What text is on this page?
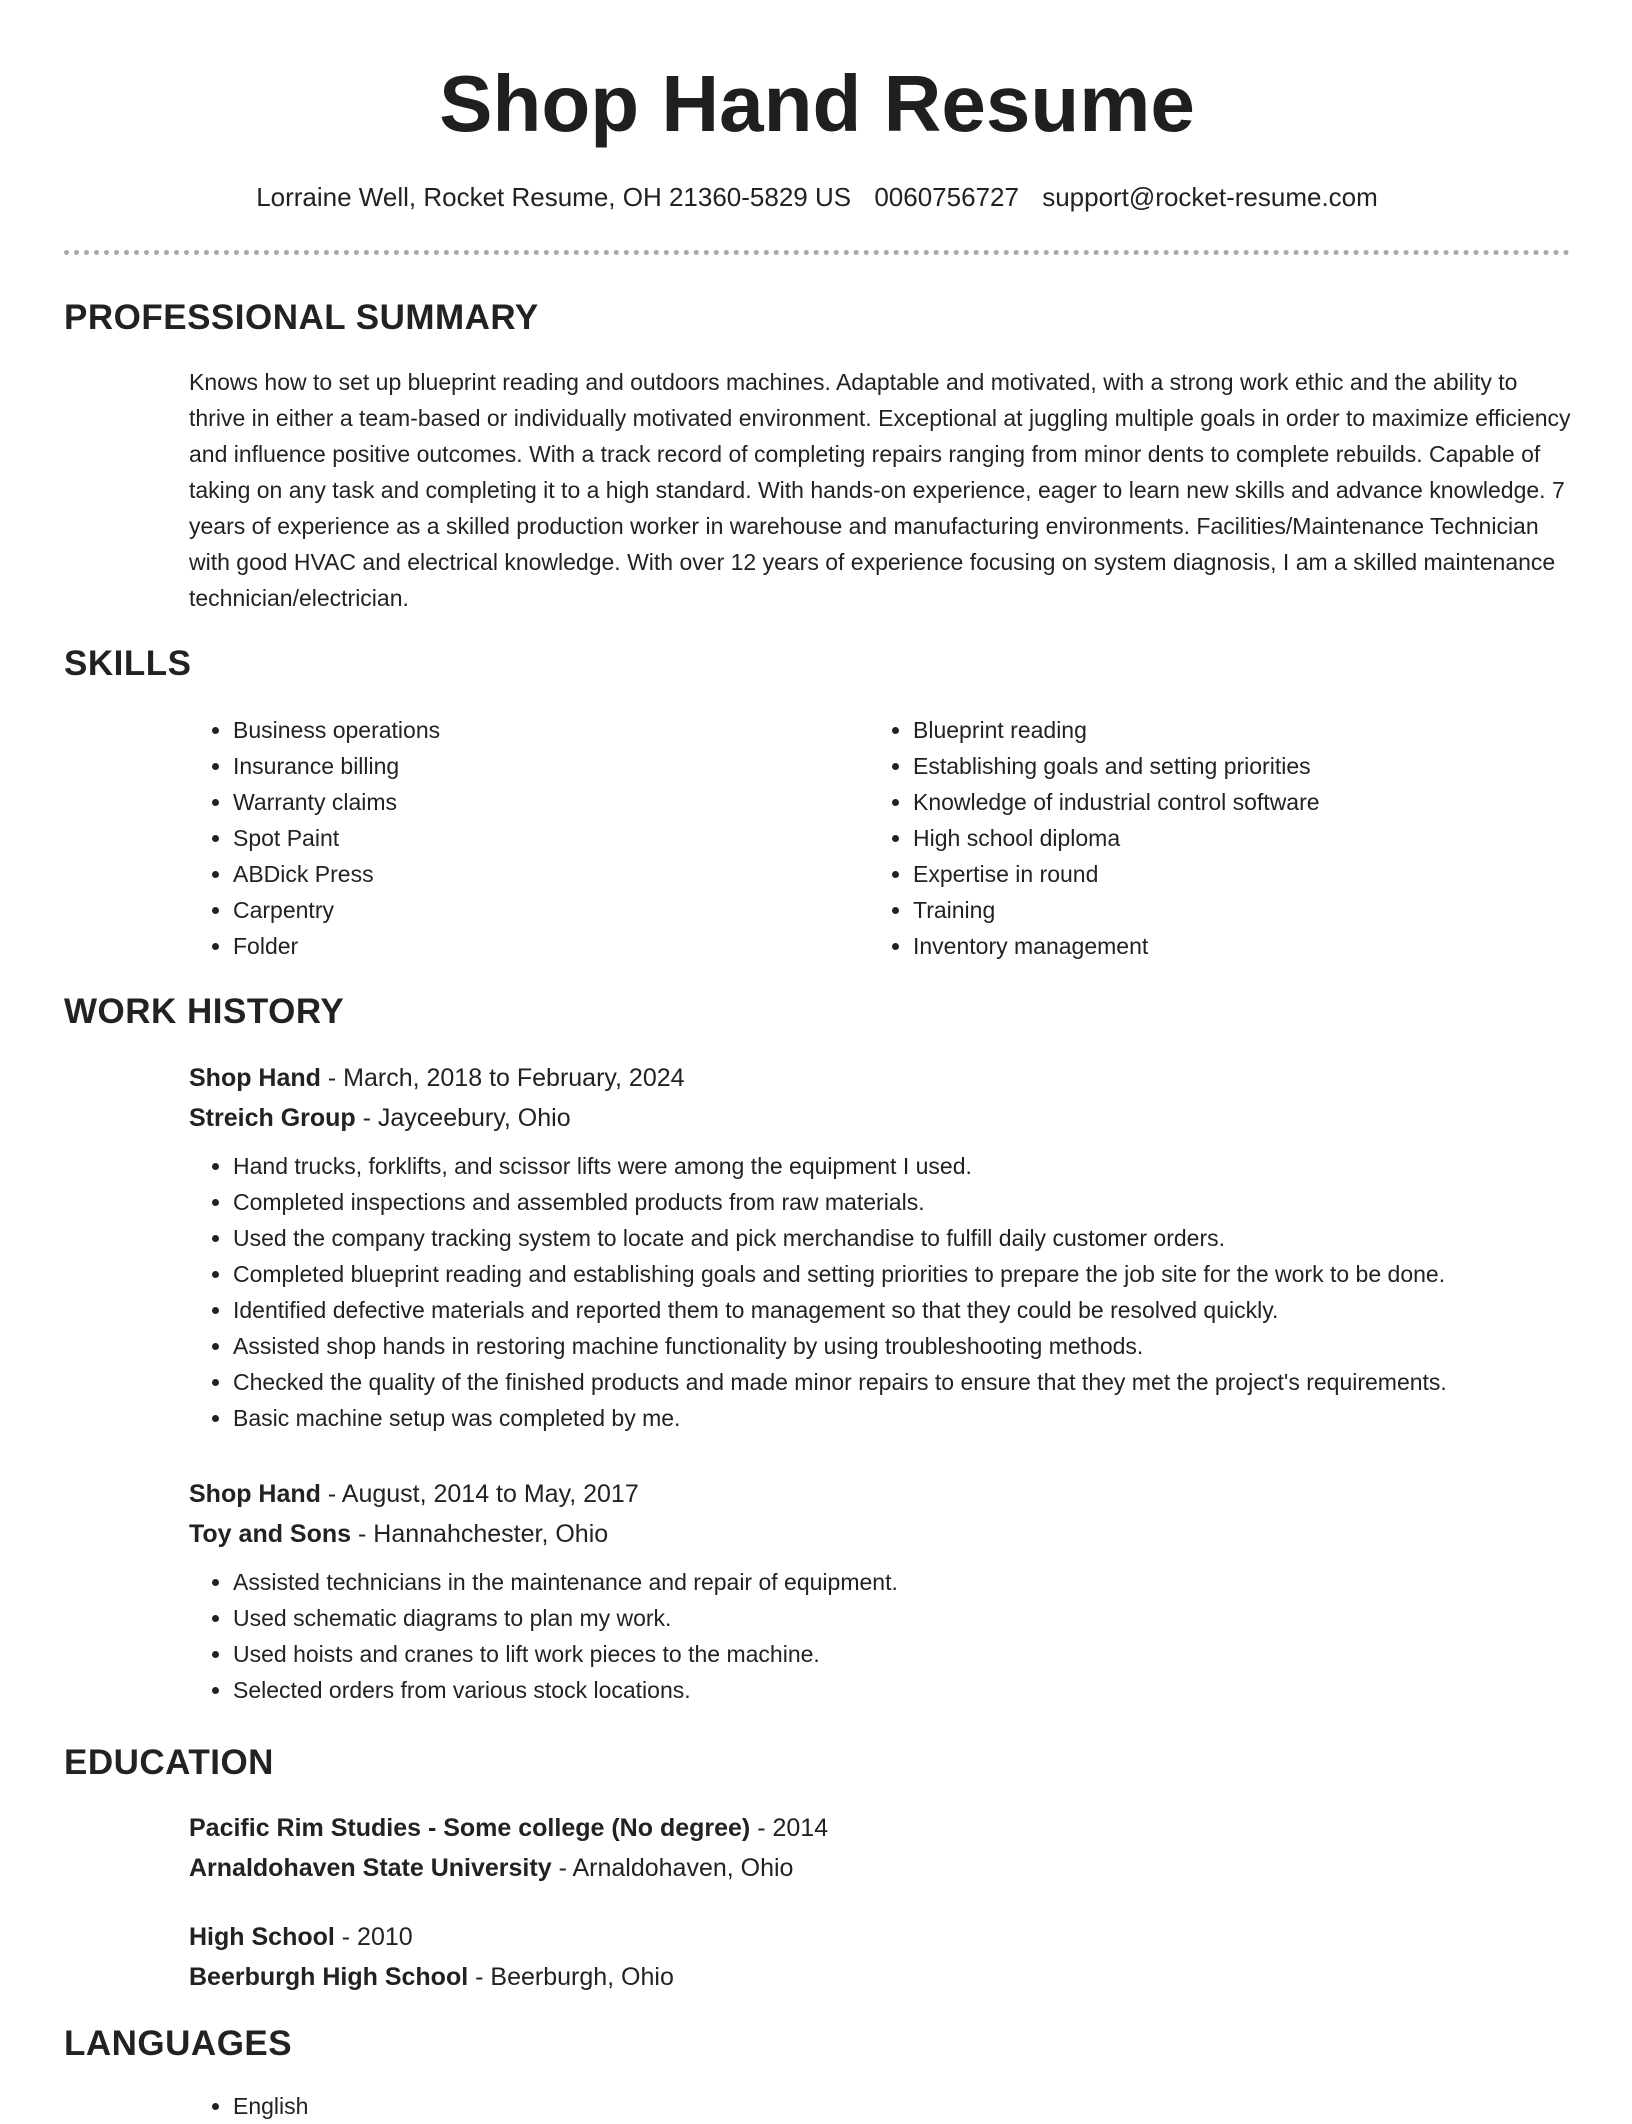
Shop Hand Resume
Lorraine Well, Rocket Resume, OH 21360-5829 US 0060756727 support@rocket-resume.com
PROFESSIONAL SUMMARY

Knows how to set up blueprint reading and outdoors machines. Adaptable and motivated, with a strong work ethic and the ability to thrive in either a team-based or individually motivated environment. Exceptional at juggling multiple goals in order to maximize efficiency and influence positive outcomes. With a track record of completing repairs ranging from minor dents to complete rebuilds. Capable of taking on any task and completing it to a high standard. With hands-on experience, eager to learn new skills and advance knowledge. 7 years of experience as a skilled production worker in warehouse and manufacturing environments. Facilities/Maintenance Technician with good HVAC and electrical knowledge. With over 12 years of experience focusing on system diagnosis, I am a skilled maintenance technician/electrician.

SKILLS
• Business operations
• Insurance billing
• Warranty claims
• Spot Paint
• ABDick Press
• Carpentry
• Folder
• Blueprint reading
• Establishing goals and setting priorities
• Knowledge of industrial control software
• High school diploma
• Expertise in round
• Training
• Inventory management
WORK HISTORY

Shop Hand - March, 2018 to February, 2024

Streich Group - Jayceebury, Ohio

• Hand trucks, forklifts, and scissor lifts were among the equipment I used.
• Completed inspections and assembled products from raw materials.
• Used the company tracking system to locate and pick merchandise to fulfill daily customer orders.
• Completed blueprint reading and establishing goals and setting priorities to prepare the job site for the work to be done.
• Identified defective materials and reported them to management so that they could be resolved quickly.
• Assisted shop hands in restoring machine functionality by using troubleshooting methods.
• Checked the quality of the finished products and made minor repairs to ensure that they met the project's requirements.
• Basic machine setup was completed by me.

Shop Hand - August, 2014 to May, 2017

Toy and Sons - Hannahchester, Ohio

• Assisted technicians in the maintenance and repair of equipment.
• Used schematic diagrams to plan my work.
• Used hoists and cranes to lift work pieces to the machine.
• Selected orders from various stock locations.
EDUCATION

Pacific Rim Studies - Some college (No degree) - 2014

Arnaldohaven State University - Arnaldohaven, Ohio

High School - 2010

Beerburgh High School - Beerburgh, Ohio

LANGUAGES
• English
